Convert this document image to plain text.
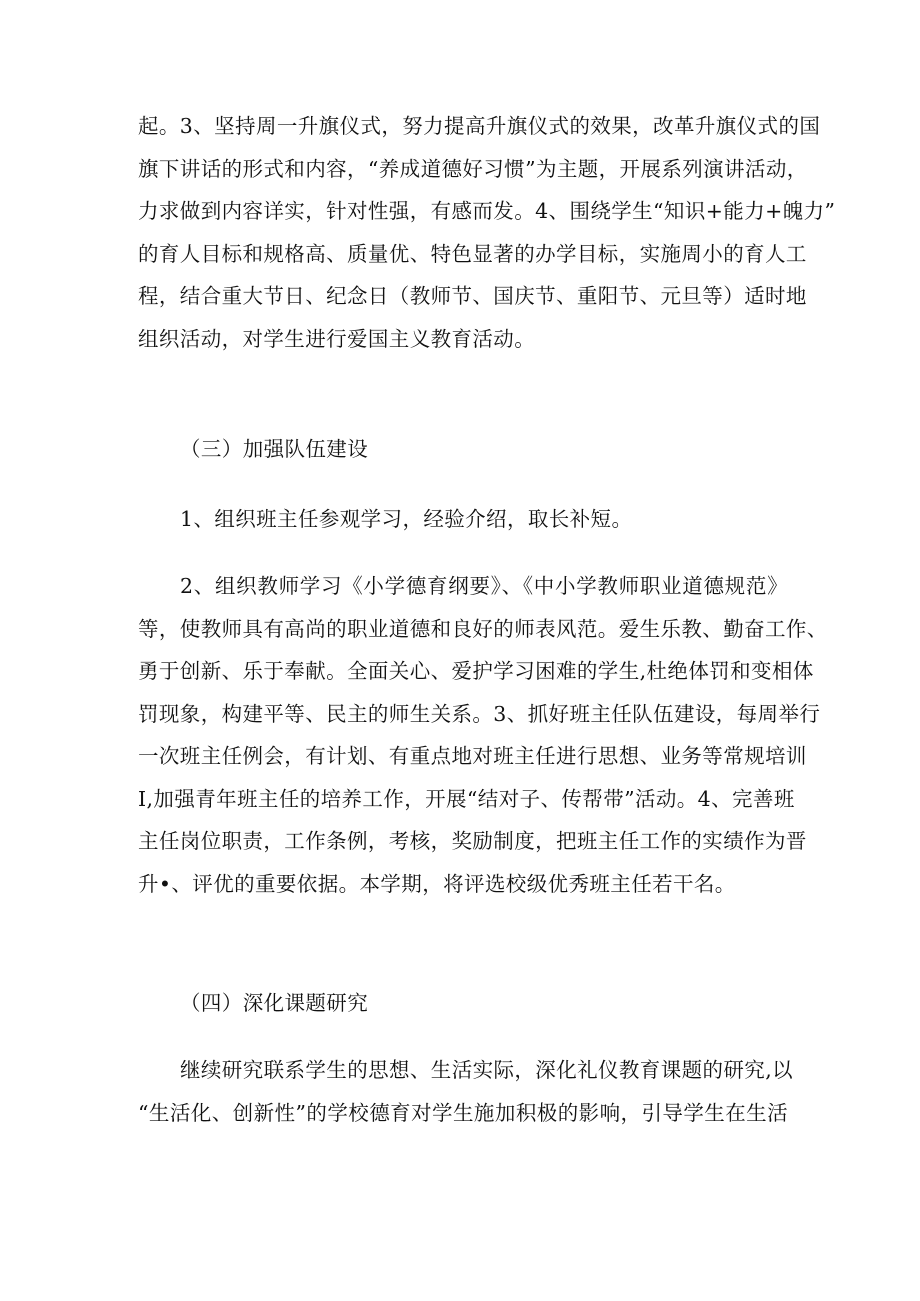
起。3、坚持周一升旗仪式，努力提高升旗仪式的效果，改革升旗仪式的国
旗下讲话的形式和内容，“养成道德好习惯”为主题，开展系列演讲活动，
力求做到内容详实，针对性强，有感而发。4、围绕学生“知识+能力+魄力”
的育人目标和规格高、质量优、特色显著的办学目标，实施周小的育人工
程，结合重大节日、纪念日（教师节、国庆节、重阳节、元旦等）适时地
组织活动，对学生进行爱国主义教育活动。
（三）加强队伍建设
1、组织班主任参观学习，经验介绍，取长补短。
2、组织教师学习《小学德育纲要》、《中小学教师职业道德规范》
等，使教师具有高尚的职业道德和良好的师表风范。爱生乐教、勤奋工作、
勇于创新、乐于奉献。全面关心、爱护学习困难的学生,杜绝体罚和变相体
罚现象，构建平等、民主的师生关系。3、抓好班主任队伍建设，每周举行
一次班主任例会，有计划、有重点地对班主任进行思想、业务等常规培训
I,加强青年班主任的培养工作，开展“结对子、传帮带”活动。4、完善班
主任岗位职责，工作条例，考核，奖励制度，把班主任工作的实绩作为晋
升•、评优的重要依据。本学期，将评选校级优秀班主任若干名。
（四）深化课题研究
继续研究联系学生的思想、生活实际，深化礼仪教育课题的研究,以
“生活化、创新性”的学校德育对学生施加积极的影响，引导学生在生活
